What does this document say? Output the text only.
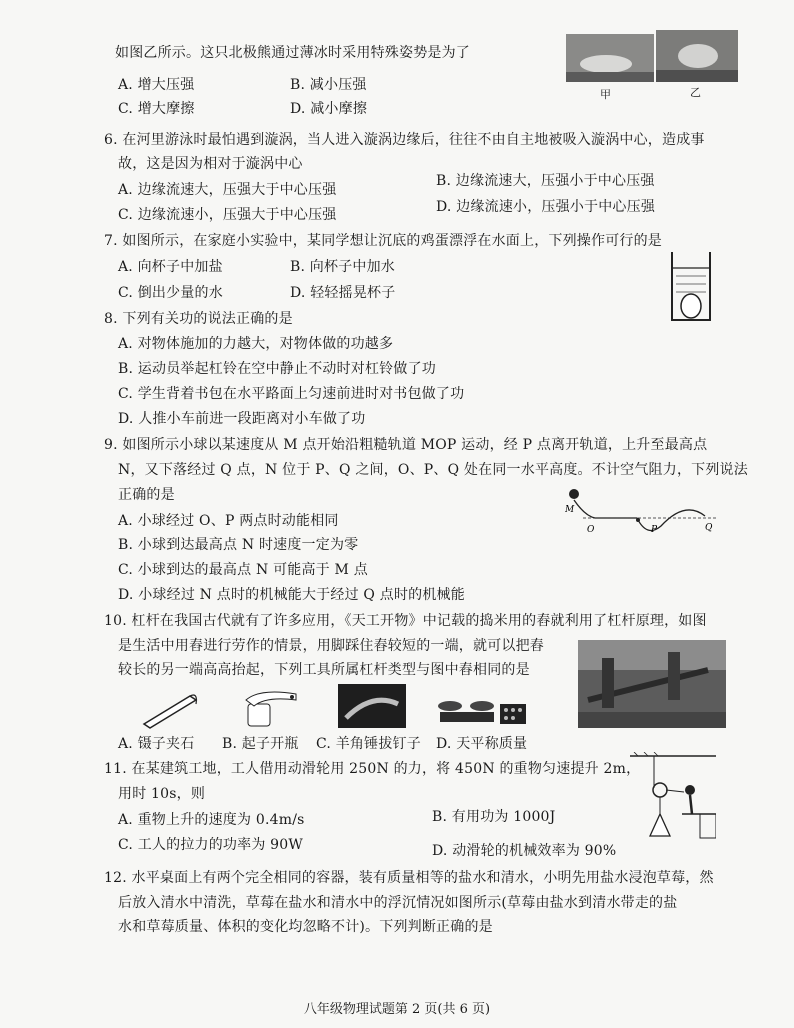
如图乙所示。这只北极熊通过薄冰时采用特殊姿势是为了
甲	乙
A. 增大压强	B. 减小压强
C. 增大摩擦	D. 减小摩擦
6. 在河里游泳时最怕遇到漩涡，当人进入漩涡边缘后，往往不由自主地被吸入漩涡中心，造成事
故，这是因为相对于漩涡中心
A. 边缘流速大，压强大于中心压强
B. 边缘流速大，压强小于中心压强
C. 边缘流速小，压强大于中心压强	D. 边缘流速小，压强小于中心压强
7. 如图所示，在家庭小实验中，某同学想让沉底的鸡蛋漂浮在水面上，下列操作可行的是
A. 向杯子中加盐	B. 向杯子中加水
C. 倒出少量的水	D. 轻轻摇晃杯子
8. 下列有关功的说法正确的是
A. 对物体施加的力越大，对物体做的功越多
B. 运动员举起杠铃在空中静止不动时对杠铃做了功
C. 学生背着书包在水平路面上匀速前进时对书包做了功
D. 人推小车前进一段距离对小车做了功
9. 如图所示小球以某速度从 M 点开始沿粗糙轨道 MOP 运动，经 P 点离开轨道，上升至最高点
N，又下落经过 Q 点，N 位于 P、Q 之间，O、P、Q 处在同一水平高度。不计空气阻力，下列说法
正确的是
A. 小球经过 O、P 两点时动能相同
B. 小球到达最高点 N 时速度一定为零
C. 小球到达的最高点 N 可能高于 M 点
D. 小球经过 N 点时的机械能大于经过 Q 点时的机械能
M
O	P	Q
10. 杠杆在我国古代就有了许多应用，《天工开物》中记载的捣米用的舂就利用了杠杆原理，如图
是生活中用舂进行劳作的情景，用脚踩住舂较短的一端，就可以把舂
较长的另一端高高抬起，下列工具所属杠杆类型与图中舂相同的是
A. 镊子夹石 B. 起子开瓶 C. 羊角锤拔钉子 D. 天平称质量
11. 在某建筑工地，工人借用动滑轮用 250N 的力，将 450N 的重物匀速提升 2m，
用时 10s，则
A. 重物上升的速度为 0.4m/s	B. 有用功为 1000J
C. 工人的拉力的功率为 90W	D. 动滑轮的机械效率为 90%
12. 水平桌面上有两个完全相同的容器，装有质量相等的盐水和清水，小明先用盐水浸泡草莓，然
后放入清水中清洗，草莓在盐水和清水中的浮沉情况如图所示(草莓由盐水到清水带走的盐
水和草莓质量、体积的变化均忽略不计)。下列判断正确的是
八年级物理试题第 2 页(共 6 页)
